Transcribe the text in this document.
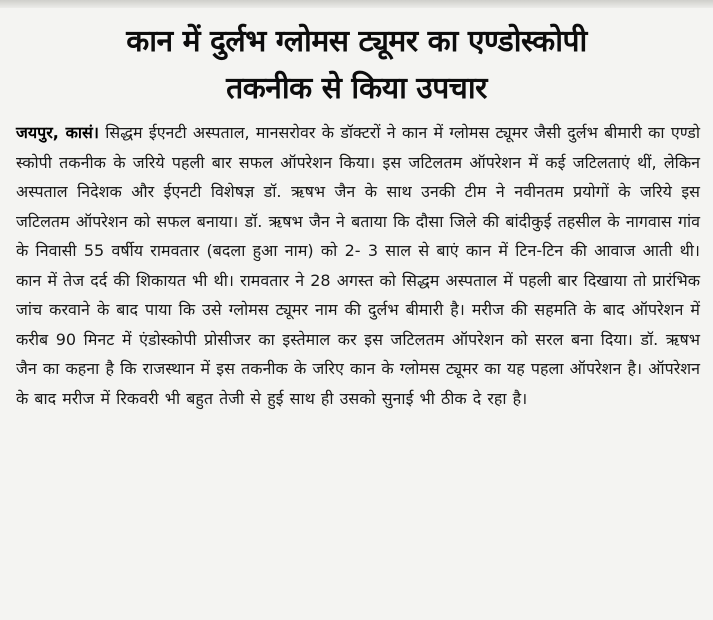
कान में दुर्लभ ग्लोमस ट्यूमर का एण्डोस्कोपी
तकनीक से किया उपचार
जयपुर, कासं। सिद्धम ईएनटी अस्पताल, मानसरोवर के डॉक्टरों ने कान में ग्लोमस ट्यूमर जैसी दुर्लभ बीमारी का एण्डो स्कोपी तकनीक के जरिये पहली बार सफल ऑपरेशन किया। इस जटिलतम ऑपरेशन में कई जटिलताएं थीं, लेकिन अस्पताल निदेशक और ईएनटी विशेषज्ञ डॉ. ऋषभ जैन के साथ उनकी टीम ने नवीनतम प्रयोगों के जरिये इस जटिलतम ऑपरेशन को सफल बनाया। डॉ. ऋषभ जैन ने बताया कि दौसा जिले की बांदीकुई तहसील के नागवास गांव के निवासी 55 वर्षीय रामवतार (बदला हुआ नाम) को 2- 3 साल से बाएं कान में टिन-टिन की आवाज आती थी। कान में तेज दर्द की शिकायत भी थी। रामवतार ने 28 अगस्त को सिद्धम अस्पताल में पहली बार दिखाया तो प्रारंभिक जांच करवाने के बाद पाया कि उसे ग्लोमस ट्यूमर नाम की दुर्लभ बीमारी है। मरीज की सहमति के बाद ऑपरेशन में करीब 90 मिनट में एंडोस्कोपी प्रोसीजर का इस्तेमाल कर इस जटिलतम ऑपरेशन को सरल बना दिया। डॉ. ऋषभ जैन का कहना है कि राजस्थान में इस तकनीक के जरिए कान के ग्लोमस ट्यूमर का यह पहला ऑपरेशन है। ऑपरेशन के बाद मरीज में रिकवरी भी बहुत तेजी से हुई साथ ही उसको सुनाई भी ठीक दे रहा है।
